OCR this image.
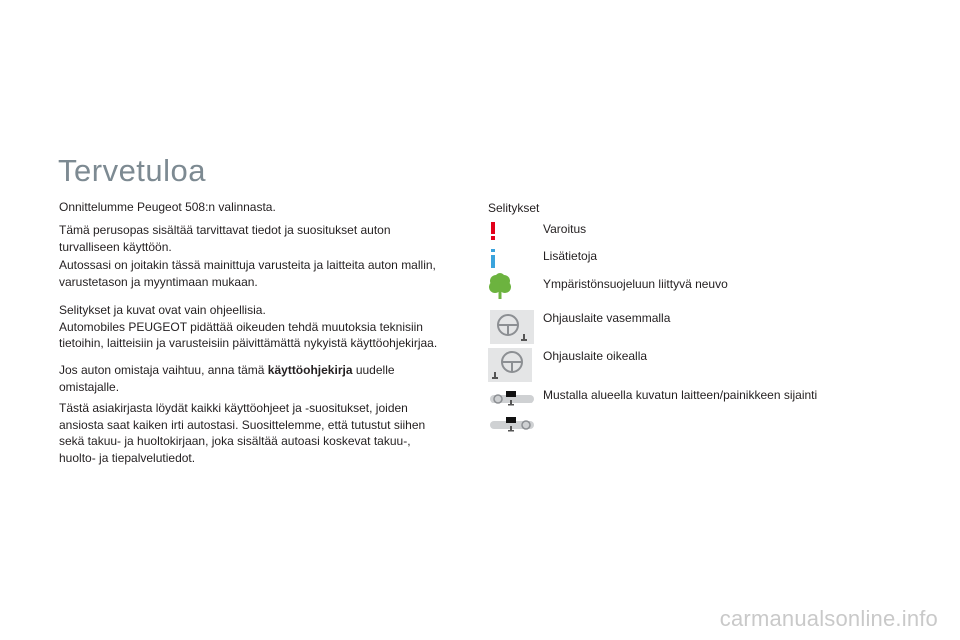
Tervetuloa

Onnittelumme Peugeot 508:n valinnasta.

Tämä perusopas sisältää tarvittavat tiedot ja suositukset auton
turvalliseen käyttöön.

Autossasi on joitakin tässä mainittuja varusteita ja laitteita auton mallin,
varustetason ja myyntimaan mukaan.

Selitykset ja kuvat ovat vain ohjeellisia.
Automobiles PEUGEOT pidättää oikeuden tehdä muutoksia teknisiin
tietoihin, laitteisiin ja varusteisiin päivittämättä nykyistä käyttöohjekirjaa.

Jos auton omistaja vaihtuu, anna tämä käyttöohjekirja uudelle
omistajalle.

Tästä asiakirjasta löydät kaikki käyttöohjeet ja -suositukset, joiden
ansiosta saat kaiken irti autostasi. Suosittelemme, että tutustut siihen
sekä takuu- ja huoltokirjaan, joka sisältää autoasi koskevat takuu-,
huolto- ja tiepalvelutiedot.

Selitykset
Varoitus
Lisätietoja
Ympäristönsuojeluun liittyvä neuvo
Ohjauslaite vasemmalla
Ohjauslaite oikealla
Mustalla alueella kuvatun laitteen/painikkeen sijainti
carmanualsonline.info
